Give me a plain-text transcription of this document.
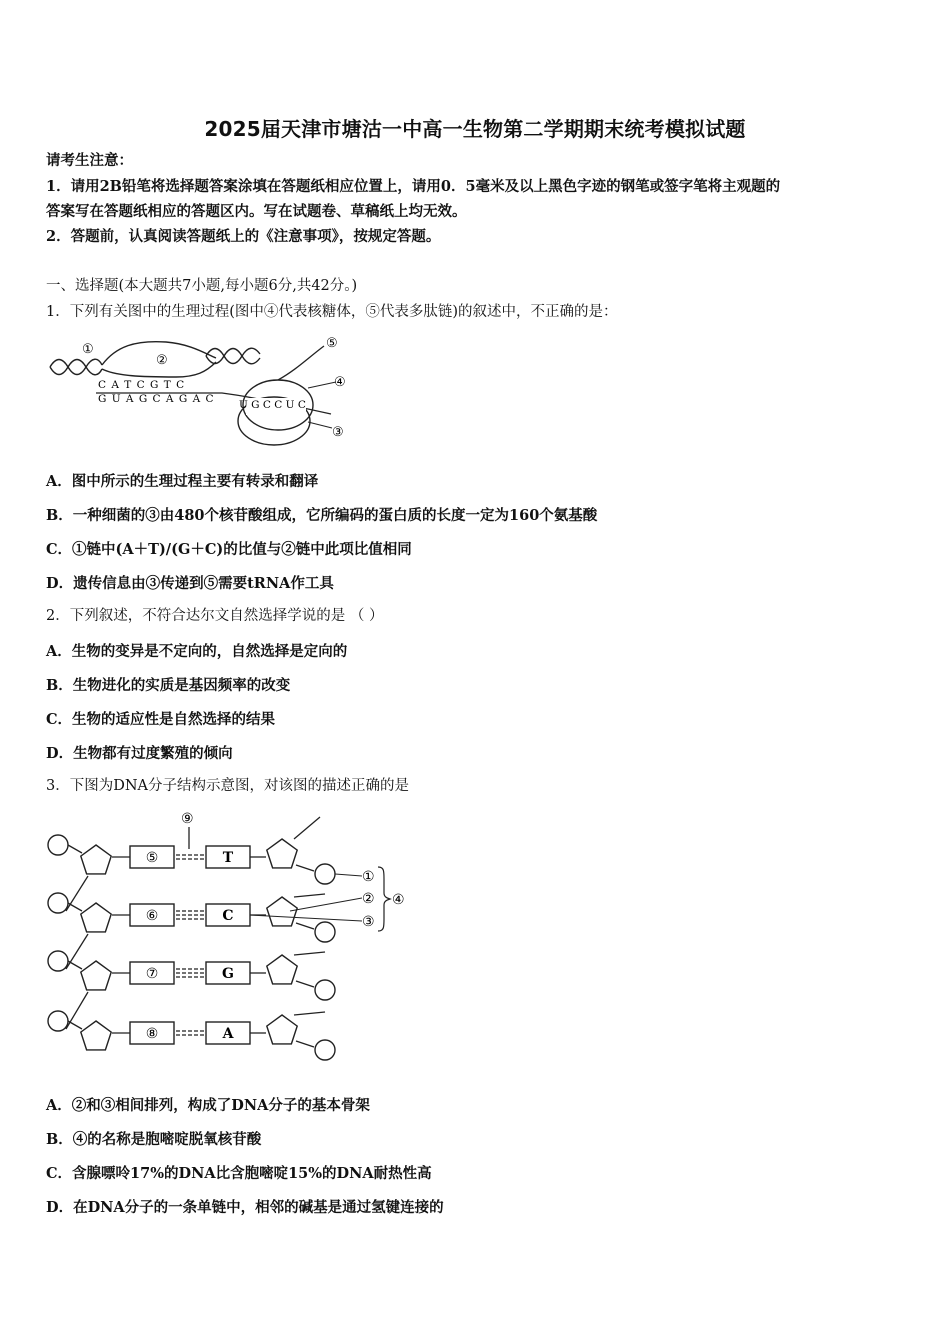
2025届天津市塘沽一中高一生物第二学期期末统考模拟试题
请考生注意：
1．请用2B铅笔将选择题答案涂填在答题纸相应位置上，请用0．5毫米及以上黑色字迹的钢笔或签字笔将主观题的
答案写在答题纸相应的答题区内。写在试题卷、草稿纸上均无效。
2．答题前，认真阅读答题纸上的《注意事项》，按规定答题。
一、选择题(本大题共7小题,每小题6分,共42分。)
1．下列有关图中的生理过程(图中④代表核糖体，⑤代表多肽链)的叙述中，不正确的是：
①
②
⑤
④
③
C A T C G T C
G U A G C A G A C U G C C U C
A．图中所示的生理过程主要有转录和翻译
B．一种细菌的③由480个核苷酸组成，它所编码的蛋白质的长度一定为160个氨基酸
C．①链中(A＋T)/(G＋C)的比值与②链中此项比值相同
D．遗传信息由③传递到⑤需要tRNA作工具
2．下列叙述，不符合达尔文自然选择学说的是 （ ）
A．生物的变异是不定向的，自然选择是定向的
B．生物进化的实质是基因频率的改变
C．生物的适应性是自然选择的结果
D．生物都有过度繁殖的倾向
3．下图为DNA分子结构示意图，对该图的描述正确的是
⑨
①
②
③
④
⑤	T
⑥	C
⑦	G
⑧	A
A．②和③相间排列，构成了DNA分子的基本骨架
B．④的名称是胞嘧啶脱氧核苷酸
C．含腺嘌呤17%的DNA比含胞嘧啶15%的DNA耐热性高
D．在DNA分子的一条单链中，相邻的碱基是通过氢键连接的
